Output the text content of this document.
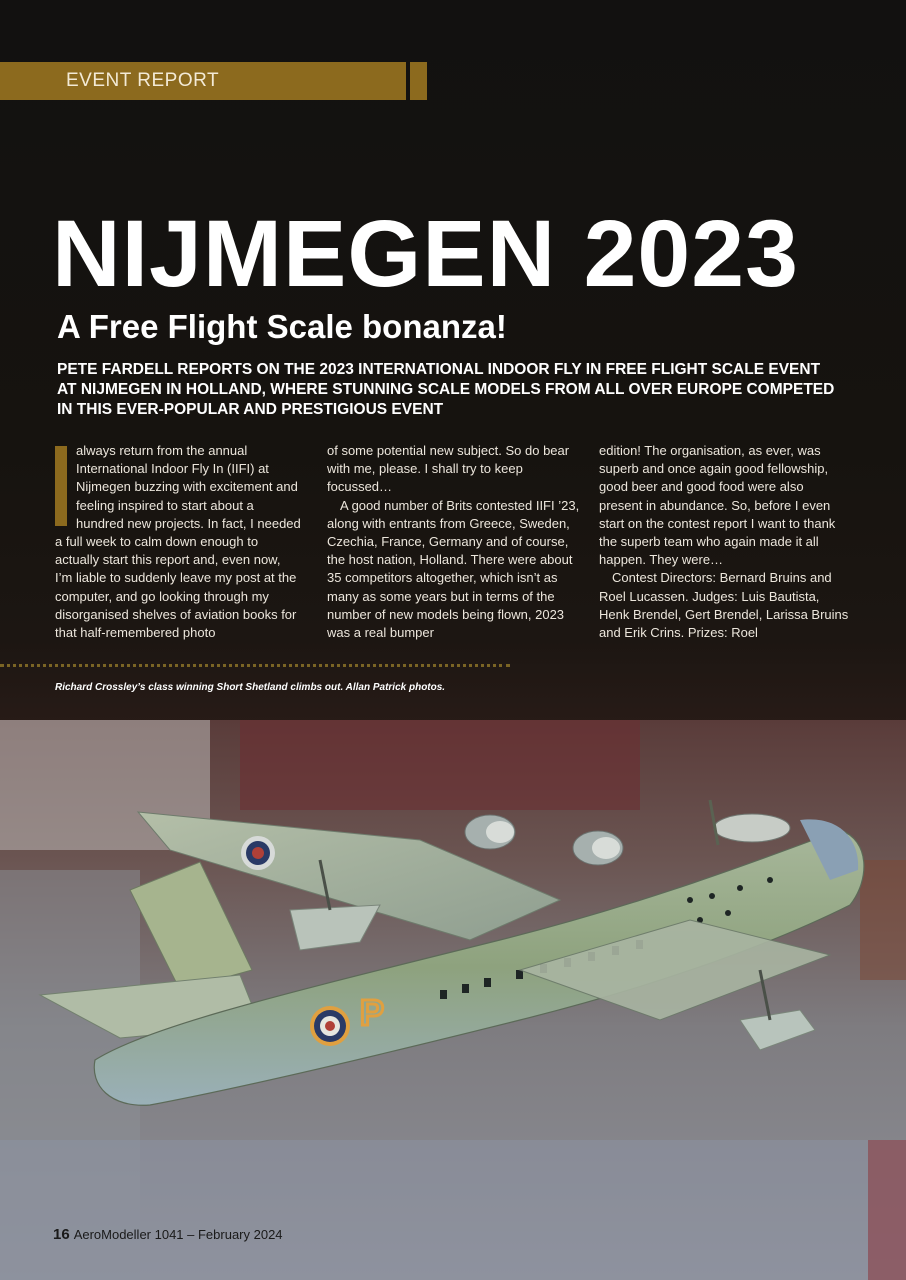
EVENT REPORT
NIJMEGEN 2023
A Free Flight Scale bonanza!
PETE FARDELL REPORTS ON THE 2023 INTERNATIONAL INDOOR FLY IN FREE FLIGHT SCALE EVENT AT NIJMEGEN IN HOLLAND, WHERE STUNNING SCALE MODELS FROM ALL OVER EUROPE COMPETED IN THIS EVER-POPULAR AND PRESTIGIOUS EVENT

always return from the annual International Indoor Fly In (IIFI) at Nijmegen buzzing with excitement and feeling inspired to start about a hundred new projects. In fact, I needed a full week to calm down enough to actually start this report and, even now, I’m liable to suddenly leave my post at the computer, and go looking through my disorganised shelves of aviation books for that half-remembered photo

of some potential new subject. So do bear with me, please. I shall try to keep focussed…

A good number of Brits contested IIFI ’23, along with entrants from Greece, Sweden, Czechia, France, Germany and of course, the host nation, Holland. There were about 35 competitors altogether, which isn’t as many as some years but in terms of the number of new models being flown, 2023 was a real bumper

edition! The organisation, as ever, was superb and once again good fellowship, good beer and good food were also present in abundance. So, before I even start on the contest report I want to thank the superb team who again made it all happen. They were…

Contest Directors: Bernard Bruins and Roel Lucassen. Judges: Luis Bautista, Henk Brendel, Gert Brendel, Larissa Bruins and Erik Crins. Prizes: Roel

Richard Crossley’s class winning Short Shetland climbs out. Allan Patrick photos.
P
16 AeroModeller 1041 – February 2024
